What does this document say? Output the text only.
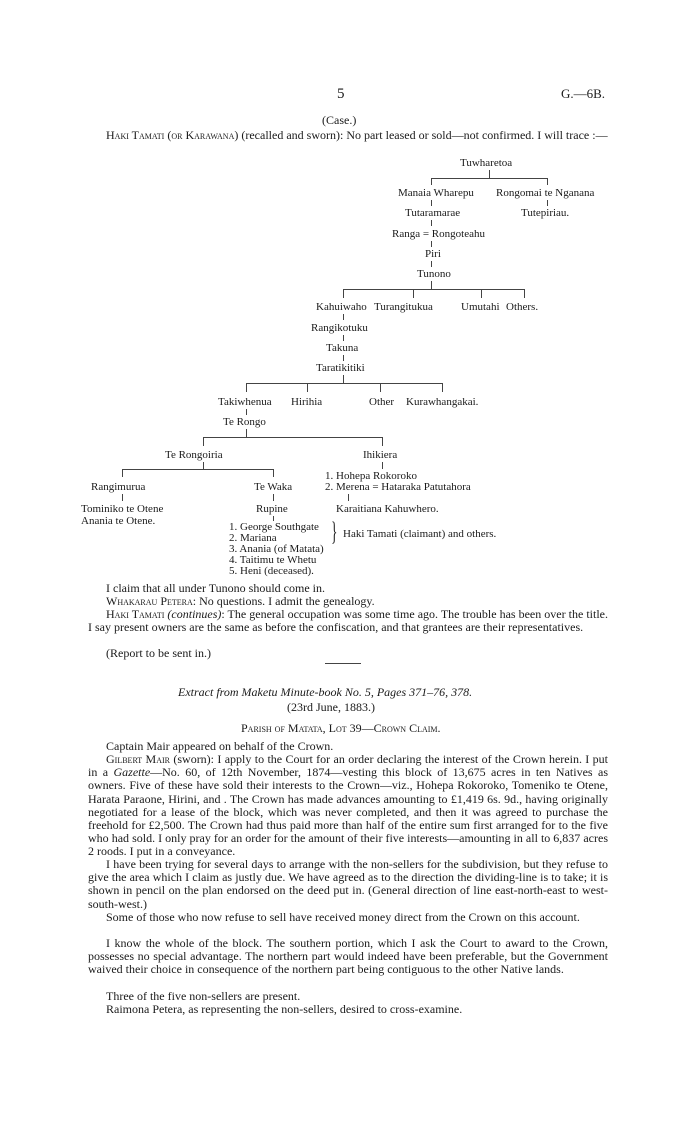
5	G.—6B.
(Case.)
Haki Tamati (or Karawana) (recalled and sworn): No part leased or sold—not confirmed. I will trace :—
Tuwharetoa
Manaia Wharepu Rongomai te Nganana
Tutaramarae	Tutepiriau.
Ranga = Rongoteahu
Piri
Tunono
Kahuiwaho Turangitukua	Umutahi Others.
Rangikotuku
Takuna
Taratikitiki
Takiwhenua Hirihia	Other Kurawhangakai.
Te Rongo
Te Rongoiria	Ihikiera
1. Hohepa Rokoroko
Rangimurua	Te Waka	2. Merena = Hataraka Patutahora
Tominiko te Otene	Rupine	Karaitiana Kahuwhero.
Anania te Otene.	1. George Southgate
2. Mariana
3. Anania (of Matata)
4. Taitimu te Whetu
5. Heni (deceased).
} Haki Tamati (claimant) and others.
I claim that all under Tunono should come in.
Whakarau Petera: No questions. I admit the genealogy.
Haki Tamati (continues): The general occupation was some time ago. The trouble has been over the title. I say present owners are the same as before the confiscation, and that grantees are their representatives.
(Report to be sent in.)
Extract from Maketu Minute-book No. 5, Pages 371–76, 378.
(23rd June, 1883.)
Parish of Matata, Lot 39—Crown Claim.
Captain Mair appeared on behalf of the Crown.
Gilbert Mair (sworn): I apply to the Court for an order declaring the interest of the Crown herein. I put in a Gazette—No. 60, of 12th November, 1874—vesting this block of 13,675 acres in ten Natives as owners. Five of these have sold their interests to the Crown—viz., Hohepa Rokoroko, Tomeniko te Otene, Harata Paraone, Hirini, and . The Crown has made advances amounting to £1,419 6s. 9d., having originally negotiated for a lease of the block, which was never completed, and then it was agreed to purchase the freehold for £2,500. The Crown had thus paid more than half of the entire sum first arranged for to the five who had sold. I only pray for an order for the amount of their five interests—amounting in all to 6,837 acres 2 roods. I put in a conveyance.
I have been trying for several days to arrange with the non-sellers for the subdivision, but they refuse to give the area which I claim as justly due. We have agreed as to the direction the dividing-line is to take; it is shown in pencil on the plan endorsed on the deed put in. (General direction of line east-north-east to west-south-west.)
Some of those who now refuse to sell have received money direct from the Crown on this account.
I know the whole of the block. The southern portion, which I ask the Court to award to the Crown, possesses no special advantage. The northern part would indeed have been preferable, but the Government waived their choice in consequence of the northern part being contiguous to the other Native lands.
Three of the five non-sellers are present.
Raimona Petera, as representing the non-sellers, desired to cross-examine.
